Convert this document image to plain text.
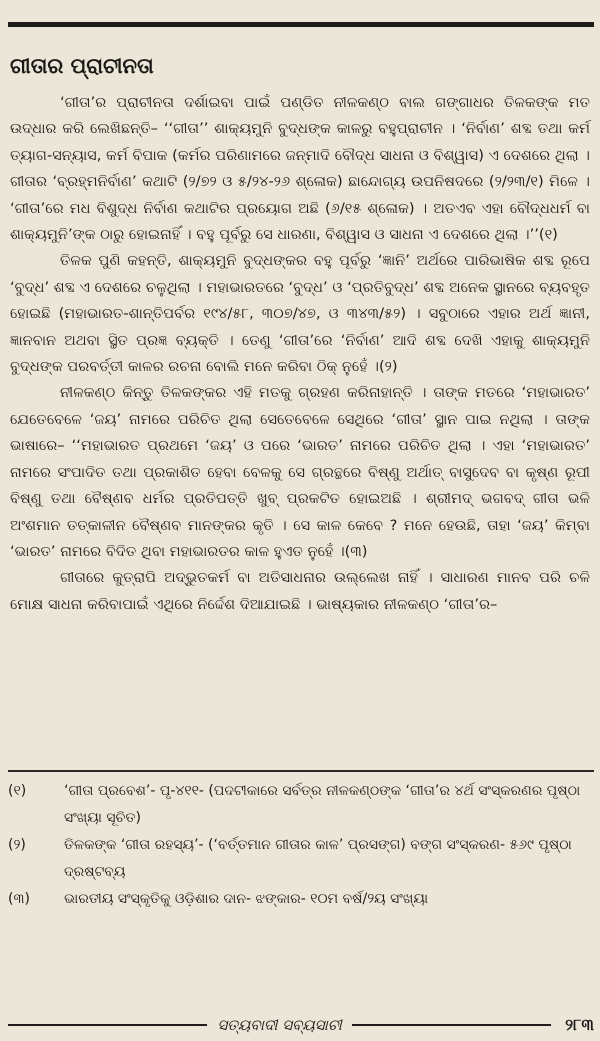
ଗୀତାର ପ୍ରାଚୀନତା

‘ଗୀତା’ର ପ୍ରାଚୀନତା ଦର୍ଶାଇବା ପାଇଁ ପଣ୍ଡିତ ନୀଳକଣ୍ଠ ବାଲ ଗଙ୍ଗାଧର ତିଳକଙ୍କ ମତ ଉଦ୍ଧାର କରି ଲେଖିଛନ୍ତି– ‘‘ଗୀତା’’ ଶାକ୍ୟମୁନି ବୁଦ୍ଧଙ୍କ କାଳରୁ ବହୁପ୍ରାଚୀନ । ‘ନିର୍ବାଣ’ ଶବ୍ଦ ତଥା କର୍ମ ତ୍ୟାଗ-ସନ୍ୟାସ, କର୍ମ ବିପାକ (କର୍ମର ପରିଣାମରେ ଜନ୍ମାଦି ବୌଦ୍ଧ ସାଧନା ଓ ବିଶ୍ୱାସ) ଏ ଦେଶରେ ଥିଲା । ଗୀତାର ‘ବ୍ରହ୍ମନିର୍ବାଣ’ କଥାଟି (୨/୭୨ ଓ ୫/୨୪-୨୬ ଶ୍ଳୋକ) ଛାନ୍ଦୋଗ୍ୟ ଉପନିଷଦରେ (୨/୨୩/୧) ମିଳେ । ‘ଗୀତା’ରେ ମଧ ବିଶୁଦ୍ଧ ନିର୍ବାଣ କଥାଟିର ପ୍ରୟୋଗ ଅଛି (୬/୧୫ ଶ୍ଳୋକ) । ଅତଏବ ଏହା ବୌଦ୍ଧଧର୍ମ ବା ଶାକ୍ୟମୁନି’ଙ୍କ ଠାରୁ ହୋଇନାହିଁ । ବହୁ ପୂର୍ବରୁ ସେ ଧାରଣା, ବିଶ୍ୱାସ ଓ ସାଧନା ଏ ଦେଶରେ ଥିଲା ।’’(୧)

ତିଳକ ପୁଣି କହନ୍ତି, ଶାକ୍ୟମୁନି ବୁଦ୍ଧଙ୍କର ବହୁ ପୂର୍ବରୁ ‘ଜ୍ଞାନି’ ଅର୍ଥରେ ପାରିଭାଷିକ ଶବ୍ଦ ରୂପେ ‘ବୁଦ୍ଧ’ ଶବ୍ଦ ଏ ଦେଶରେ ଚଳୁଥିଲା । ମହାଭାରତରେ ‘ବୁଦ୍ଧ’ ଓ ‘ପ୍ରତିବୁଦ୍ଧ’ ଶବ୍ଦ ଅନେକ ସ୍ଥାନରେ ବ୍ୟବହୃତ ହୋଇଛି (ମହାଭାରତ-ଶାନ୍ତିପର୍ବର ୧୯୪/୫୮, ୩୦୭/୪୭, ଓ ୩୪୩/୫୨) । ସବୁଠାରେ ଏହାର ଅର୍ଥ ଜ୍ଞାନୀ, ଜ୍ଞାନବାନ ଅଥବା ସ୍ଥିତ ପ୍ରଜ୍ଞ ବ୍ୟକ୍ତି । ତେଣୁ ‘ଗୀତା’ରେ ‘ନିର୍ବାଣ’ ଆଦି ଶବ୍ଦ ଦେଖି ଏହାକୁ ଶାକ୍ୟମୁନି ବୁଦ୍ଧଙ୍କ ପରବର୍ତ୍ତୀ କାଳର ରଚନା ବୋଲି ମନେ କରିବା ଠିକ୍ ନୁହେଁ ।(୨)

ନୀଳକଣ୍ଠ କିନ୍ତୁ ତିଳକଙ୍କର ଏହି ମତକୁ ଗ୍ରହଣ କରିନାହାନ୍ତି । ତାଙ୍କ ମତରେ ‘ମହାଭାରତ’ ଯେତେବେଳେ ‘ଜୟ’ ନାମରେ ପରିଚିତ ଥିଲା ସେତେବେଳେ ସେଥିରେ ‘ଗୀତା’ ସ୍ଥାନ ପାଇ ନଥିଲା । ତାଙ୍କ ଭାଷାରେ– ‘‘ମହାଭାରତ ପ୍ରଥମେ ‘ଜୟ’ ଓ ପରେ ‘ଭାରତ’ ନାମରେ ପରିଚିତ ଥିଲା । ଏହା ‘ମହାଭାରତ’ ନାମରେ ସଂପାଦିତ ତଥା ପ୍ରକାଶିତ ହେବା ବେଳକୁ ସେ ଗ୍ରନ୍ଥରେ ବିଷ୍ଣୁ ଅର୍ଥାତ୍ ବାସୁଦେବ ବା କୃଷ୍ଣ ରୂପୀ ବିଷ୍ଣୁ ତଥା ବୈଷ୍ଣବ ଧର୍ମର ପ୍ରତିପତ୍ତି ଖୁବ୍ ପ୍ରକଟିତ ହୋଇଅଛି । ଶ୍ରୀମଦ୍ ଭଗବଦ୍ ଗୀତା ଭଳି ଅଂଶମାନ ତତ୍‌କାଳୀନ ବୈଷ୍ଣବ ମାନଙ୍କର କୃତି । ସେ କାଳ କେବେ ? ମନେ ହେଉଛି, ତାହା ‘ଜୟ’ କିମ୍ବା ‘ଭାରତ’ ନାମରେ ବିଦିତ ଥିବା ମହାଭାରତର କାଳ ହୁଏତ ନୁହେଁ ।(୩)

ଗୀତାରେ କୁତ୍ରାପି ଅଦ୍ଭୁତକର୍ମ ବା ଅତିସାଧନାର ଉଲ୍ଲେଖ ନାହିଁ । ସାଧାରଣ ମାନବ ପରି ଚଳି ମୋକ୍ଷ ସାଧନା କରିବାପାଇଁ ଏଥିରେ ନିର୍ଦ୍ଦେଶ ଦିଆଯାଇଛି । ଭାଷ୍ୟକାର ନୀଳକଣ୍ଠ ‘ଗୀତା’ର–

(୧)	‘ଗୀତା ପ୍ରବେଶ’- ପୃ-୪୧୧- (ପଦଟୀକାରେ ସର୍ବତ୍ର ନୀଳକଣ୍ଠଙ୍କ ‘ଗୀତା’ର ୪ର୍ଥ ସଂସ୍କରଣର ପୃଷ୍ଠା ସଂଖ୍ୟା ସୂଚିତ)
(୨)	ତିଳକଙ୍କ ‘ଗୀତା ରହସ୍ୟ’- (‘ବର୍ତ୍ତମାନ ଗୀତାର କାଳ’ ପ୍ରସଙ୍ଗ) ବଙ୍ଗ ସଂସ୍କରଣ- ୫୬୯ ପୃଷ୍ଠା ଦ୍ରଷ୍ଟବ୍ୟ
(୩)	ଭାରତୀୟ ସଂସ୍କୃତିକୁ ଓଡ଼ିଶାର ଦାନ- ଝଙ୍କାର- ୧୦ମ ବର୍ଷ/୨ୟ ସଂଖ୍ୟା
ସତ୍ୟବାଦୀ ସବ୍ୟସାଚୀ	୨୮୩
